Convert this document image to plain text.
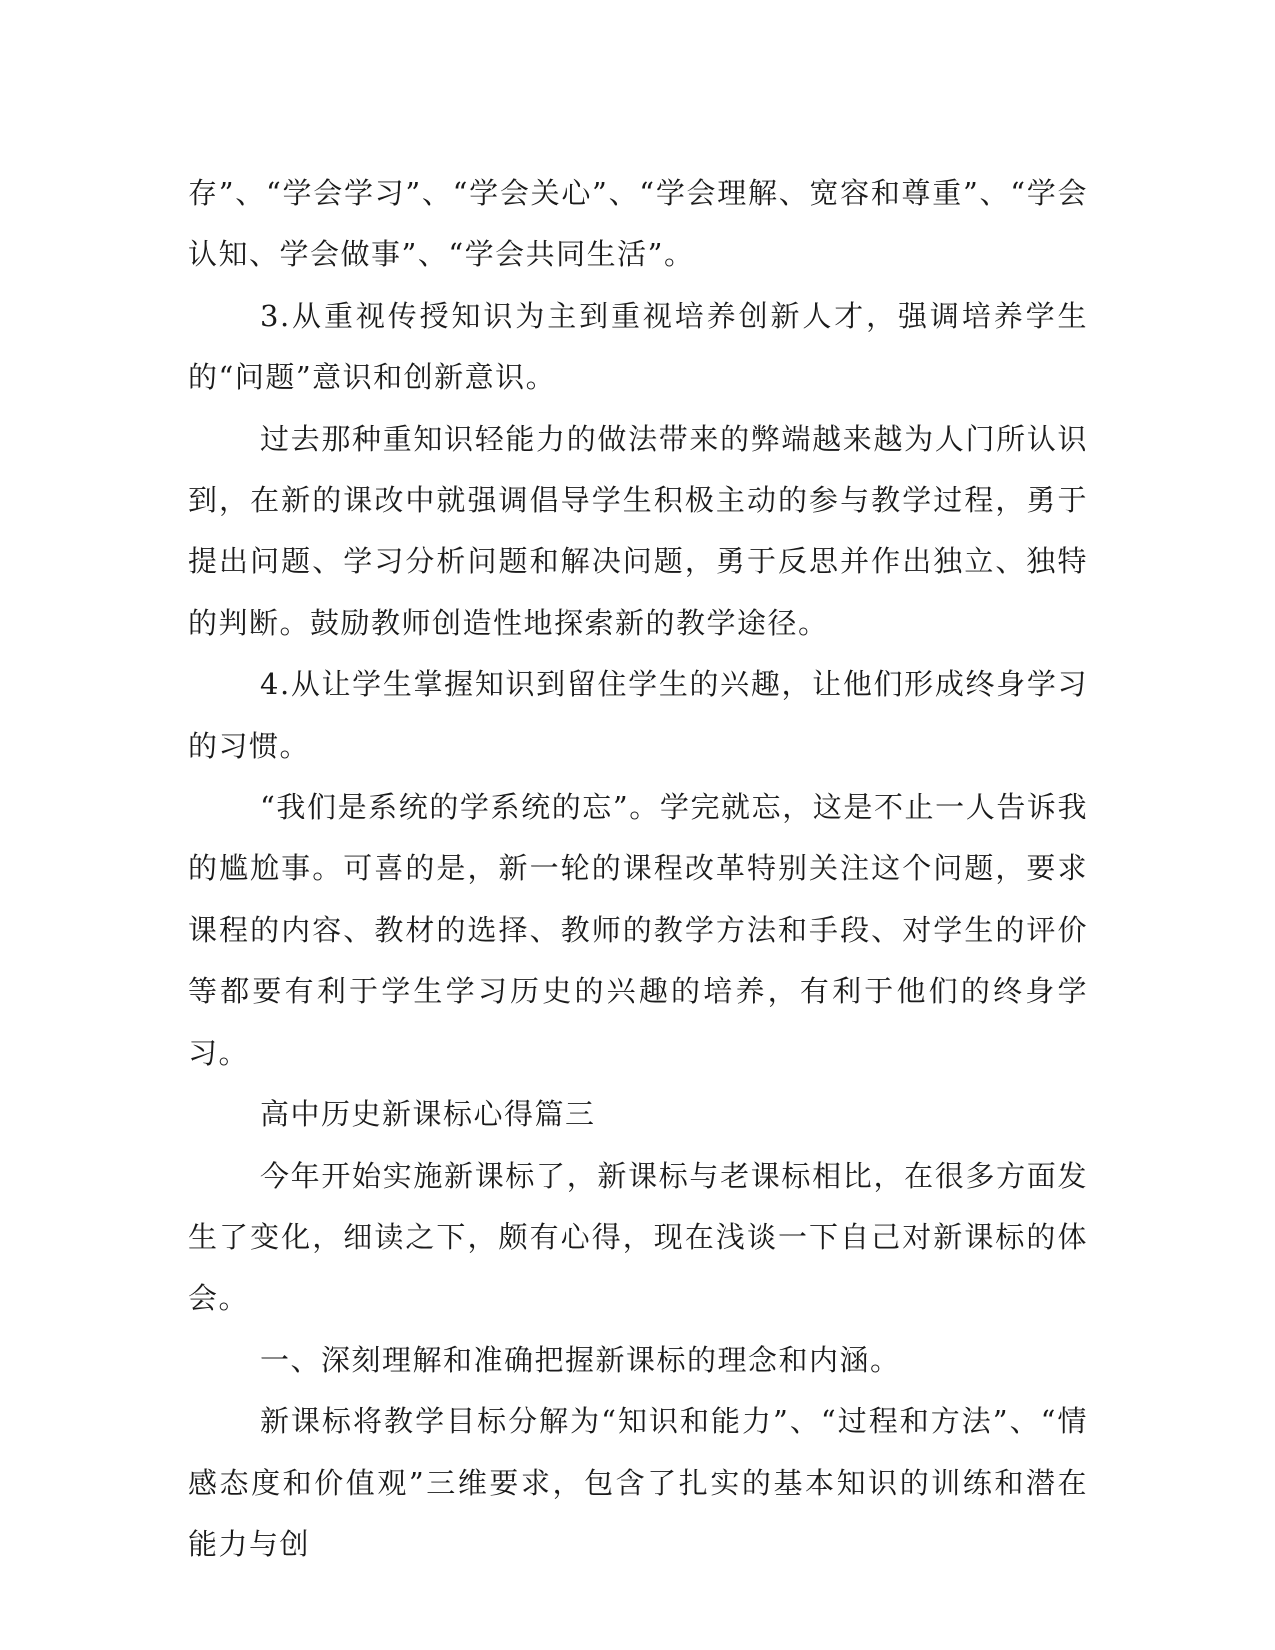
存”、“学会学习”、“学会关心”、“学会理解、宽容和尊重”、“学会认知、学会做事”、“学会共同生活”。

3.从重视传授知识为主到重视培养创新人才，强调培养学生的“问题”意识和创新意识。

过去那种重知识轻能力的做法带来的弊端越来越为人门所认识到，在新的课改中就强调倡导学生积极主动的参与教学过程，勇于提出问题、学习分析问题和解决问题，勇于反思并作出独立、独特的判断。鼓励教师创造性地探索新的教学途径。

4.从让学生掌握知识到留住学生的兴趣，让他们形成终身学习的习惯。

“我们是系统的学系统的忘”。学完就忘，这是不止一人告诉我的尴尬事。可喜的是，新一轮的课程改革特别关注这个问题，要求课程的内容、教材的选择、教师的教学方法和手段、对学生的评价等都要有利于学生学习历史的兴趣的培养，有利于他们的终身学习。

高中历史新课标心得篇三

今年开始实施新课标了，新课标与老课标相比，在很多方面发生了变化，细读之下，颇有心得，现在浅谈一下自己对新课标的体会。

一、深刻理解和准确把握新课标的理念和内涵。

新课标将教学目标分解为“知识和能力”、“过程和方法”、“情感态度和价值观”三维要求，包含了扎实的基本知识的训练和潜在能力与创
